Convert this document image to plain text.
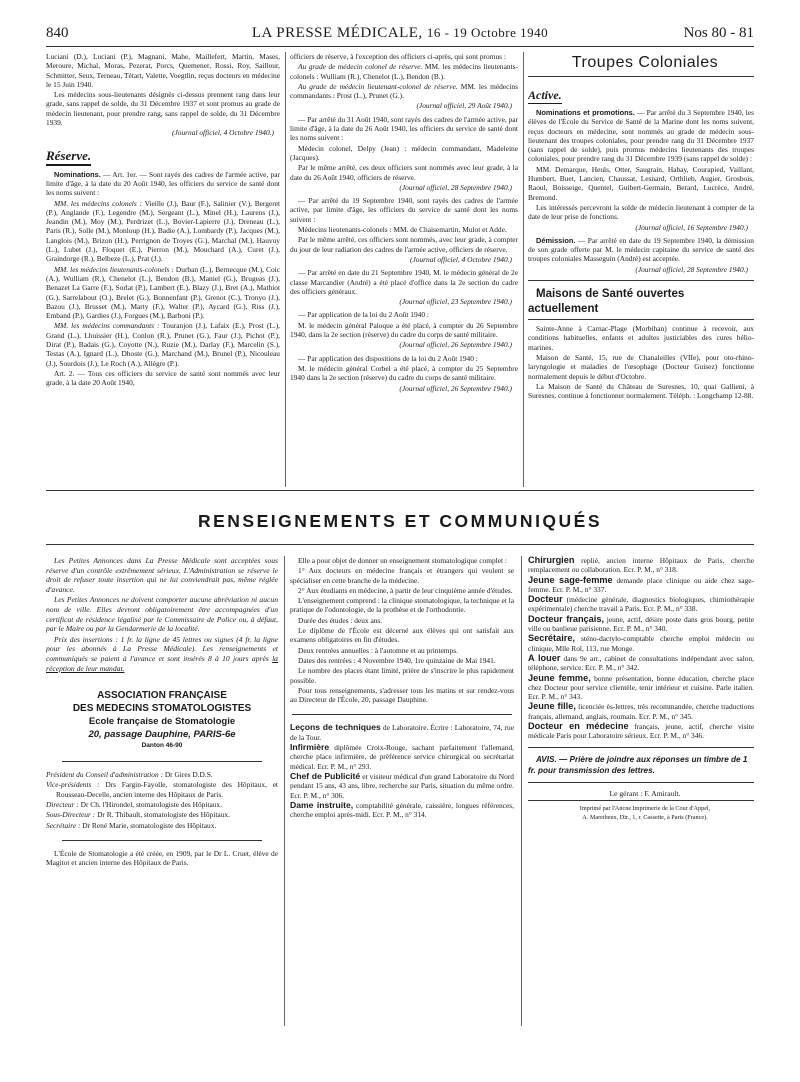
840	LA PRESSE MÉDICALE, 16 - 19 Octobre 1940	Nos 80 - 81

Luciani (D.), Luciani (P.), Magnani, Mahe, Maillefert, Martin, Mases, Meroure, Michal, Moras, Pezerat, Porcs, Quemener, Rossi, Roy, Saillour, Schmitter, Seux, Terneau, Tétart, Valette, Voegtlin, reçus docteurs en médecine le 15 Juin 1940.

Les médecins sous-lieutenants désignés ci-dessus prennent rang dans leur grade, sans rappel de solde, du 31 Décembre 1937 et sont promus au grade de médecin lieutenant, pour prendre rang, sans rappel de solde, du 31 Décembre 1939.

(Journal officiel, 4 Octobre 1940.)

Réserve.

Nominations. — Art. 1er. — Sont rayés des cadres de l'armée active, par limite d'âge, à la date du 20 Août 1940, les officiers du service de santé dont les noms suivent :

MM. les médecins colonels : Vieille (J.), Baur (F.), Salinier (V.), Bergeret (P.), Anglande (F.), Legendre (M.), Sergeant (L.), Minel (H.), Laurens (J.), Jeandin (M.), Moy (M.), Perdrizet (L.), Bovier-Lapierre (J.), Dreneau (L.), Paris (R.), Solle (M.), Monloup (H.), Badie (A.), Lombardy (P.), Jacques (M.), Langlois (M.), Brizon (H.), Perrignon de Troyes (G.), Marchal (M.), Hauvuy (L.), Lubet (J.), Floquet (E.), Pierron (M.), Mouchard (A.), Curet (J.), Graindorge (R.), Belbeze (L.), Prat (J.).

MM. les médecins lieutenants-colonels : Durban (L.), Bernecque (M.), Coic (A.), Wulliam (R.), Chenelot (L.), Bendon (B.), Maniel (G.), Brugeas (J.), Benazet La Garre (F.), Sorlat (P.), Lambert (E.), Blazy (J.), Bret (A.), Mathiot (G.), Sarrelabout (O.), Brelet (G.), Bonnenfant (P.), Grenot (C.), Tronyo (J.), Bazou (J.), Brusset (M.), Marty (F.), Walter (P.), Aycard (G.), Riss (J.), Emband (P.), Gardies (J.), Forgues (M.), Barboni (P.).

MM. les médecins commandants : Touranjon (J.), Lafaix (E.), Prost (L.), Grand (L.), Lhuissier (H.), Conlon (R.), Prunet (G.), Faur (J.), Pichot (P.), Dirat (P.), Badais (G.), Coyotte (N.), Ruzie (M.), Darlay (F.), Marcelin (S.), Testas (A.), Ignard (L.), Dhoste (G.), Marchand (M.), Brunel (P.), Nicouleau (J.), Sourdois (J.), Le Roch (A.), Allègre (P.).

Art. 2. — Tous ces officiers du service de santé sont nommés avec leur grade, à la date 20 Août 1940,

officiers de réserve, à l'exception des officiers ci-après, qui sont promus :

Au grade de médecin colonel de réserve. MM. les médecins lieutenants-colonels : Wulliam (R.), Chenelot (L.), Bendon (B.).

Au grade de médecin lieutenant-colonel de réserve. MM. les médecins commandants : Prost (L.), Prunet (G.).

(Journal officiel, 29 Août 1940.)

— Par arrêté du 31 Août 1940, sont rayés des cadres de l'armée active, par limite d'âge, à la date du 26 Août 1940, les officiers du service de santé dont les noms suivent :

Médecin colonel, Delpy (Jean) : médecin commandant, Madeleine (Jacques).

Par le même arrêté, ces deux officiers sont nommés avec leur grade, à la date du 26 Août 1940, officiers de réserve.

(Journal officiel, 28 Septembre 1940.)

— Par arrêté du 19 Septembre 1940, sont rayés des cadres de l'armée active, par limite d'âge, les officiers du service de santé dont les noms suivent :

Médecins lieutenants-colonels : MM. de Chaisemartin, Mulot et Adde.

Par le même arrêté, ces officiers sont nommés, avec leur grade, à compter du jour de leur radiation des cadres de l'armée active, officiers de réserve.

(Journal officiel, 4 Octobre 1940.)

— Par arrêté en date du 21 Septembre 1940, M. le médecin général de 2e classe Marcandier (André) a été placé d'office dans la 2e section du cadre des officiers généraux.

(Journal officiel, 23 Septembre 1940.)

— Par application de la loi du 2 Août 1940 :

M. le médecin général Paloque a été placé, à compter du 26 Septembre 1940, dans la 2e section (réserve) du cadre du corps de santé militaire.

(Journal officiel, 26 Septembre 1940.)

— Par application des dispositions de la loi du 2 Août 1940 :

M. le médecin général Corbel a été placé, à compter du 25 Septembre 1940 dans la 2e section (réserve) du cadre du corps de santé militaire.

(Journal officiel, 26 Septembre 1940.)

Troupes Coloniales

Active.

Nominations et promotions. — Par arrêté du 3 Septembre 1940, les élèves de l'École du Service de Santé de la Marine dont les noms suivent, reçus docteurs en médecine, sont nommés au grade de médecin sous-lieutenant des troupes coloniales, pour prendre rang du 31 Décembre 1937 (sans rappel de solde), puis promus médecins lieutenants des troupes coloniales, pour prendre rang du 31 Décembre 1939 (sans rappel de solde) :

MM. Demarque, Heuls, Otter, Saugrain, Habay, Courapied, Vaillant, Humbert, Buet, Lancien, Chaussat, Lesnard, Orthlieb, Augier, Grosbois, Raoul, Boisseige, Quentel, Guibert-Germain, Berard, Lucrèce, André, Bremond.

Les intéressés percevront la solde de médecin lieutenant à compter de la date de leur prise de fonctions.

(Journal officiel, 16 Septembre 1940.)

Démission. — Par arrêté en date du 19 Septembre 1940, la démission de son grade offerte par M. le médecin capitaine du service de santé des troupes coloniales Masseguin (André) est acceptée.

(Journal officiel, 28 Septembre 1940.)

Maisons de Santé ouvertes actuellement

Sainte-Anne à Carnac-Plage (Morbihan) continue à recevoir, aux conditions habituelles, enfants et adultes justiciables des cures hélio-marines.

Maison de Santé, 15, rue de Chanaleilles (VIIe), pour oto-rhino-laryngologie et maladies de l'œsophage (Docteur Guisez) fonctionne normalement depuis le début d'Octobre.

La Maison de Santé du Château de Suresnes, 10, quai Gallieni, à Suresnes, continue à fonctionner normalement. Téléph. : Longchamp 12-88.

RENSEIGNEMENTS ET COMMUNIQUÉS

Les Petites Annonces dans La Presse Médicale sont acceptées sous réserve d'un contrôle extrêmement sérieux. L'Administration se réserve le droit de refuser toute insertion qui ne lui conviendrait pas, même réglée d'avance.

Les Petites Annonces ne doivent comporter aucune abréviation ni aucun nom de ville. Elles devront obligatoirement être accompagnées d'un certificat de résidence légalisé par le Commissaire de Police ou, à défaut, par le Maire ou par la Gendarmerie de la localité.

Prix des insertions : 1 fr. la ligne de 45 lettres ou signes (4 fr. la ligne pour les abonnés à La Presse Médicale). Les renseignements et communiqués se paient à l'avance et sont insérés 8 à 10 jours après la réception de leur mandat.

ASSOCIATION FRANÇAISE
DES MEDECINS STOMATOLOGISTES
Ecole française de Stomatologie
20, passage Dauphine, PARIS-6e
Danton 46-90

Président du Conseil d'administration : Dr Gires D.D.S.

Vice-présidents : Drs Fargin-Fayolle, stomatologiste des Hôpitaux, et Rousseau-Decelle, ancien interne des Hôpitaux de Paris.

Directeur : Dr Ch. l'Hirondel, stomatologiste des Hôpitaux.

Sous-Directeur : Dr R. Thibault, stomatologiste des Hôpitaux.

Secrétaire : Dr René Marie, stomatologiste des Hôpitaux.

L'École de Stomatologie a été créée, en 1909, par le Dr L. Cruet, élève de Magitot et ancien interne des Hôpitaux de Paris.

Elle a pour objet de donner un enseignement stomatologique complet :

1° Aux docteurs en médecine français et étrangers qui veulent se spécialiser en cette branche de la médecine.

2° Aux étudiants en médecine, à partir de leur cinquième année d'études.

L'enseignement comprend : la clinique stomatologique, la technique et la pratique de l'odontologie, de la prothèse et de l'orthodontie.

Durée des études : deux ans.

Le diplôme de l'École est décerné aux élèves qui ont satisfait aux examens obligatoires en fin d'études.

Deux rentrées annuelles : à l'automne et au printemps.

Dates des rentrées : 4 Novembre 1940, 1re quinzaine de Mai 1941.

Le nombre des places étant limité, prière de s'inscrire le plus rapidement possible.

Pour tous renseignements, s'adresser tous les matins et sur rendez-vous au Directeur de l'École, 20, passage Dauphine.

Leçons de techniques de Laboratoire. Écrire : Laboratoire, 74, rue de la Tour.

Infirmière diplômée Croix-Rouge, sachant parfaitement l'allemand, cherche place infirmière, de préférence service chirurgical ou secrétariat médical. Ecr. P. M., n° 293.

Chef de Publicité et visiteur médical d'un grand Laboratoire du Nord pendant 15 ans, 43 ans, libre, recherche sur Paris, situation du même ordre. Ecr. P. M., n° 306.

Dame instruite, comptabilité générale, caissière, longues références, cherche emploi après-midi. Ecr. P. M., n° 314.

Chirurgien replié, ancien interne Hôpitaux de Paris, cherche remplacement ou collaboration. Ecr. P. M., n° 318.

Jeune sage-femme demande place clinique ou aide chez sage-femme. Ecr. P. M., n° 337.

Docteur (médecine générale, diagnostics biologiques, chimiothérapie expérimentale) cherche travail à Paris. Ecr. P. M., n° 338.

Docteur français, jeune, actif, désire poste dans gros bourg, petite ville ou banlieue parisienne. Ecr. P. M., n° 340.

Secrétaire, sténo-dactylo-comptable cherche emploi médecin ou clinique, Mlle Rol, 113, rue Monge.

A louer dans 9e arr., cabinet de consultations indépendant avec salon, téléphone, service. Ecr. P. M., n° 342.

Jeune femme, bonne présentation, bonne éducation, cherche place chez Docteur pour service clientèle, tenir intérieur et cuisine. Parle italien. Ecr. P. M., n° 343.

Jeune fille, licenciée ès-lettres, très recommandée, cherche traductions français, allemand, anglais, roumain. Ecr. P. M., n° 345.

Docteur en médecine français, jeune, actif, cherche visite médicale Paris pour Laboratoire sérieux. Ecr. P. M., n° 346.

AVIS. — Prière de joindre aux réponses un timbre de 1 fr. pour transmission des lettres.

Le gérant : F. Amirault.

Imprimé par l'Ancne Imprimerie de la Cour d'Appel,

A. Maretheux, Dir., 1, r. Cassette, à Paris (France).
